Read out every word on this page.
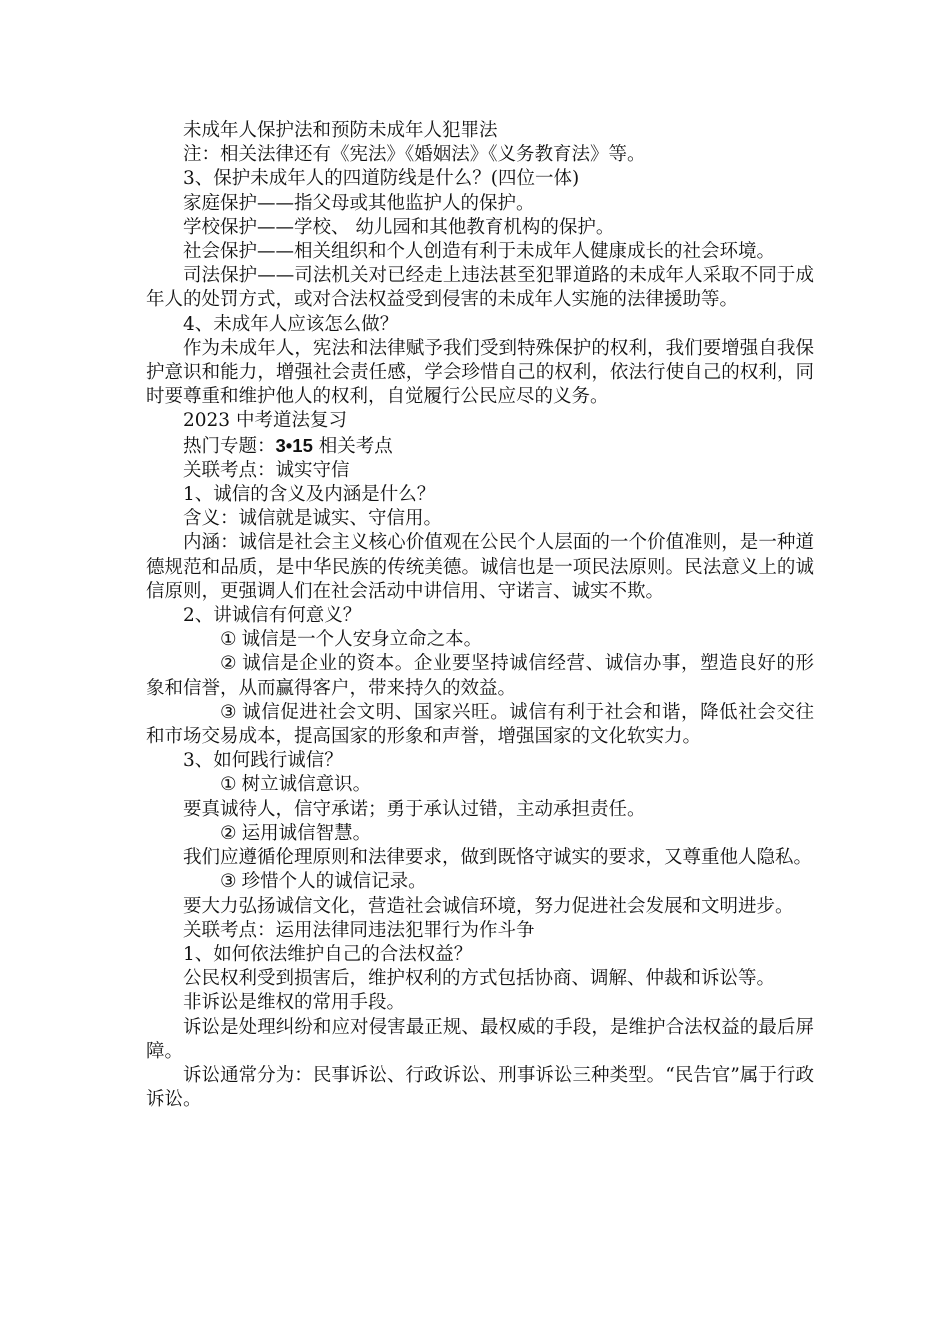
未成年人保护法和预防未成年人犯罪法

注：相关法律还有《宪法》《婚姻法》《义务教育法》等。

3、保护未成年人的四道防线是什么？(四位一体)

家庭保护——指父母或其他监护人的保护。

学校保护——学校、 幼儿园和其他教育机构的保护。

社会保护——相关组织和个人创造有利于未成年人健康成长的社会环境。

司法保护——司法机关对已经走上违法甚至犯罪道路的未成年人采取不同于成年人的处罚方式，或对合法权益受到侵害的未成年人实施的法律援助等。

4、未成年人应该怎么做？

作为未成年人，宪法和法律赋予我们受到特殊保护的权利，我们要增强自我保护意识和能力，增强社会责任感，学会珍惜自己的权利，依法行使自己的权利，同时要尊重和维护他人的权利，自觉履行公民应尽的义务。

2023 中考道法复习

热门专题：3•15 相关考点

关联考点：诚实守信

1、诚信的含义及内涵是什么？

含义：诚信就是诚实、守信用。

内涵：诚信是社会主义核心价值观在公民个人层面的一个价值准则，是一种道德规范和品质，是中华民族的传统美德。诚信也是一项民法原则。民法意义上的诚信原则，更强调人们在社会活动中讲信用、守诺言、诚实不欺。

2、讲诚信有何意义？

① 诚信是一个人安身立命之本。

② 诚信是企业的资本。企业要坚持诚信经营、诚信办事，塑造良好的形象和信誉，从而赢得客户，带来持久的效益。

③ 诚信促进社会文明、国家兴旺。诚信有利于社会和谐，降低社会交往和市场交易成本，提高国家的形象和声誉，增强国家的文化软实力。

3、如何践行诚信？

① 树立诚信意识。

要真诚待人，信守承诺；勇于承认过错，主动承担责任。

② 运用诚信智慧。

我们应遵循伦理原则和法律要求，做到既恪守诚实的要求，又尊重他人隐私。

③ 珍惜个人的诚信记录。

要大力弘扬诚信文化，营造社会诚信环境，努力促进社会发展和文明进步。

关联考点：运用法律同违法犯罪行为作斗争

1、如何依法维护自己的合法权益？

公民权利受到损害后，维护权利的方式包括协商、调解、仲裁和诉讼等。

非诉讼是维权的常用手段。

诉讼是处理纠纷和应对侵害最正规、最权威的手段，是维护合法权益的最后屏障。

诉讼通常分为：民事诉讼、行政诉讼、刑事诉讼三种类型。“民告官”属于行政诉讼。
